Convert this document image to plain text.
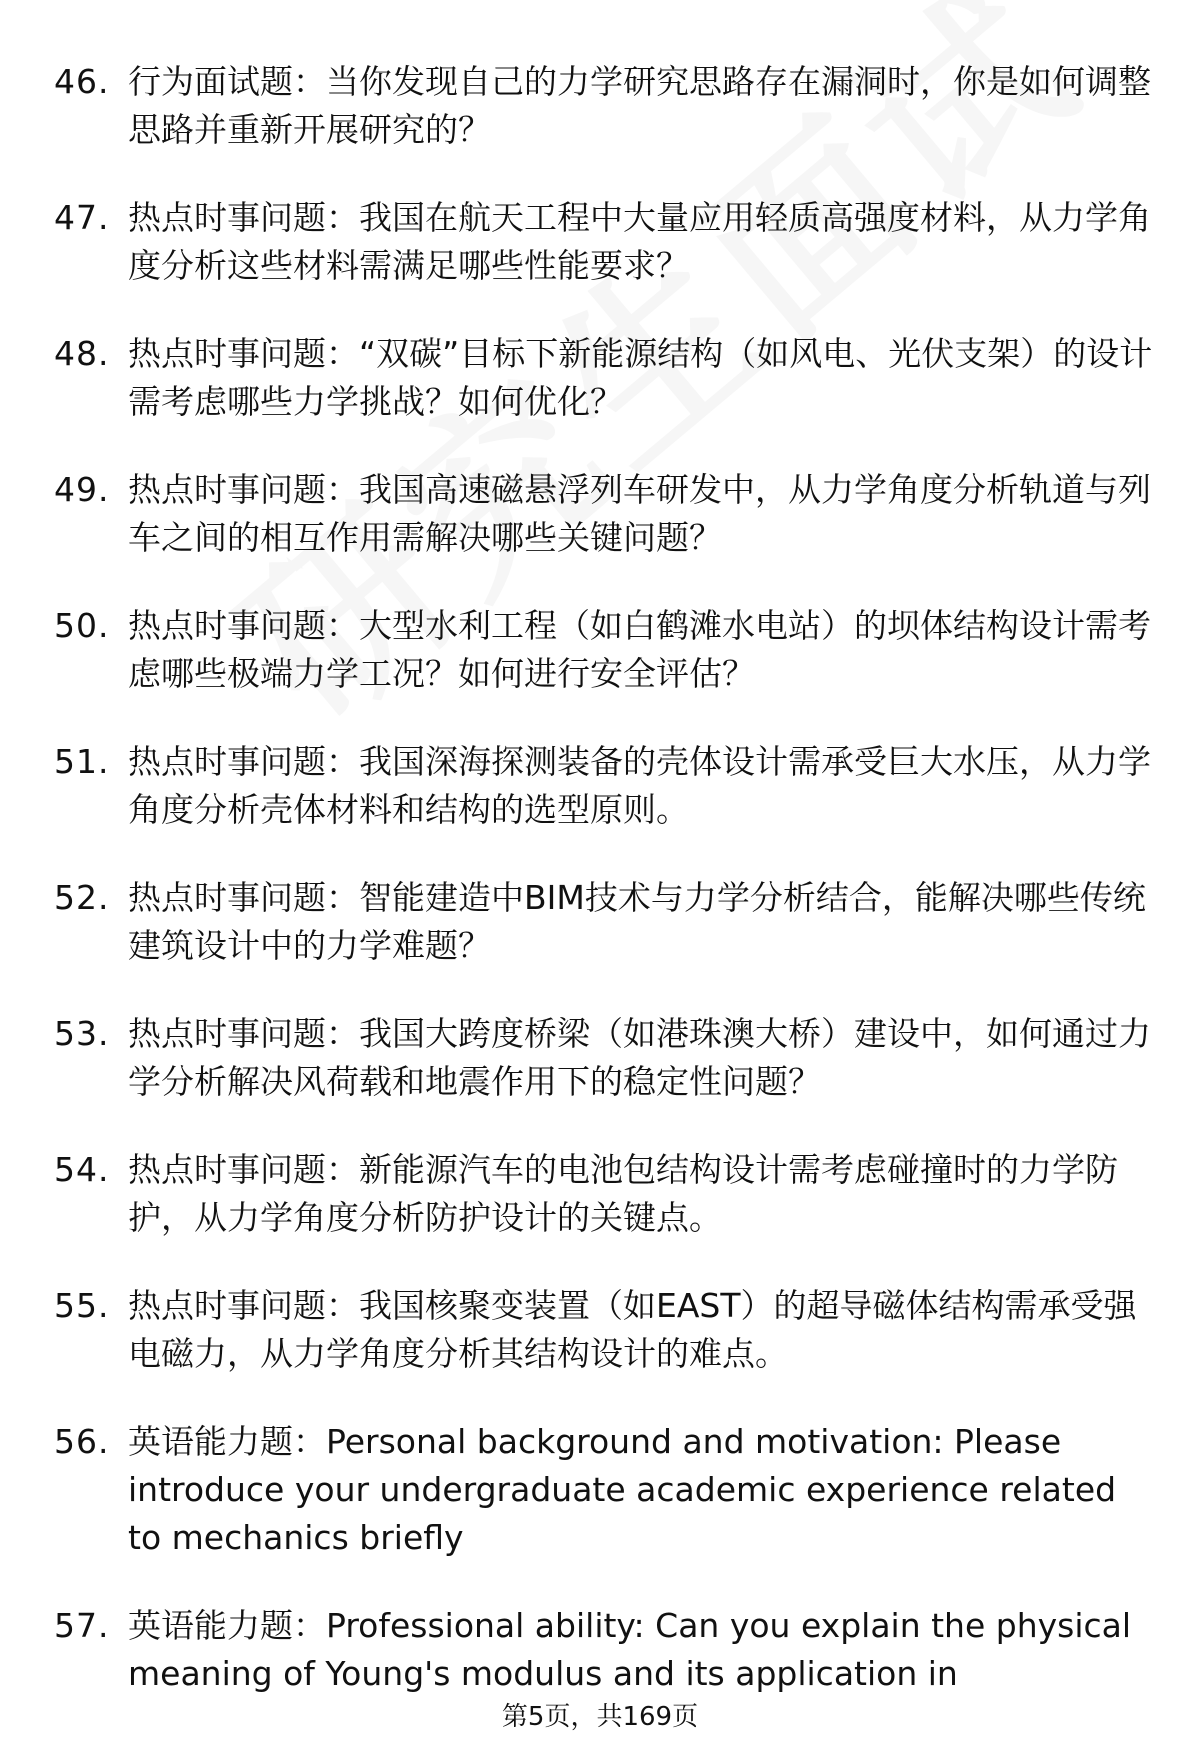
46. 行为面试题：当你发现自己的力学研究思路存在漏洞时，你是如何调整思路并重新开展研究的？
47. 热点时事问题：我国在航天工程中大量应用轻质高强度材料，从力学角度分析这些材料需满足哪些性能要求？
48. 热点时事问题：“双碳”目标下新能源结构（如风电、光伏支架）的设计需考虑哪些力学挑战？如何优化？
49. 热点时事问题：我国高速磁悬浮列车研发中，从力学角度分析轨道与列车之间的相互作用需解决哪些关键问题？
50. 热点时事问题：大型水利工程（如白鹤滩水电站）的坝体结构设计需考虑哪些极端力学工况？如何进行安全评估？
51. 热点时事问题：我国深海探测装备的壳体设计需承受巨大水压，从力学角度分析壳体材料和结构的选型原则。
52. 热点时事问题：智能建造中BIM技术与力学分析结合，能解决哪些传统建筑设计中的力学难题？
53. 热点时事问题：我国大跨度桥梁（如港珠澳大桥）建设中，如何通过力学分析解决风荷载和地震作用下的稳定性问题？
54. 热点时事问题：新能源汽车的电池包结构设计需考虑碰撞时的力学防护，从力学角度分析防护设计的关键点。
55. 热点时事问题：我国核聚变装置（如EAST）的超导磁体结构需承受强电磁力，从力学角度分析其结构设计的难点。
56. 英语能力题：Personal background and motivation: Please introduce your undergraduate academic experience related to mechanics briefly
57. 英语能力题：Professional ability: Can you explain the physical meaning of Young's modulus and its application in
第5页，共169页
